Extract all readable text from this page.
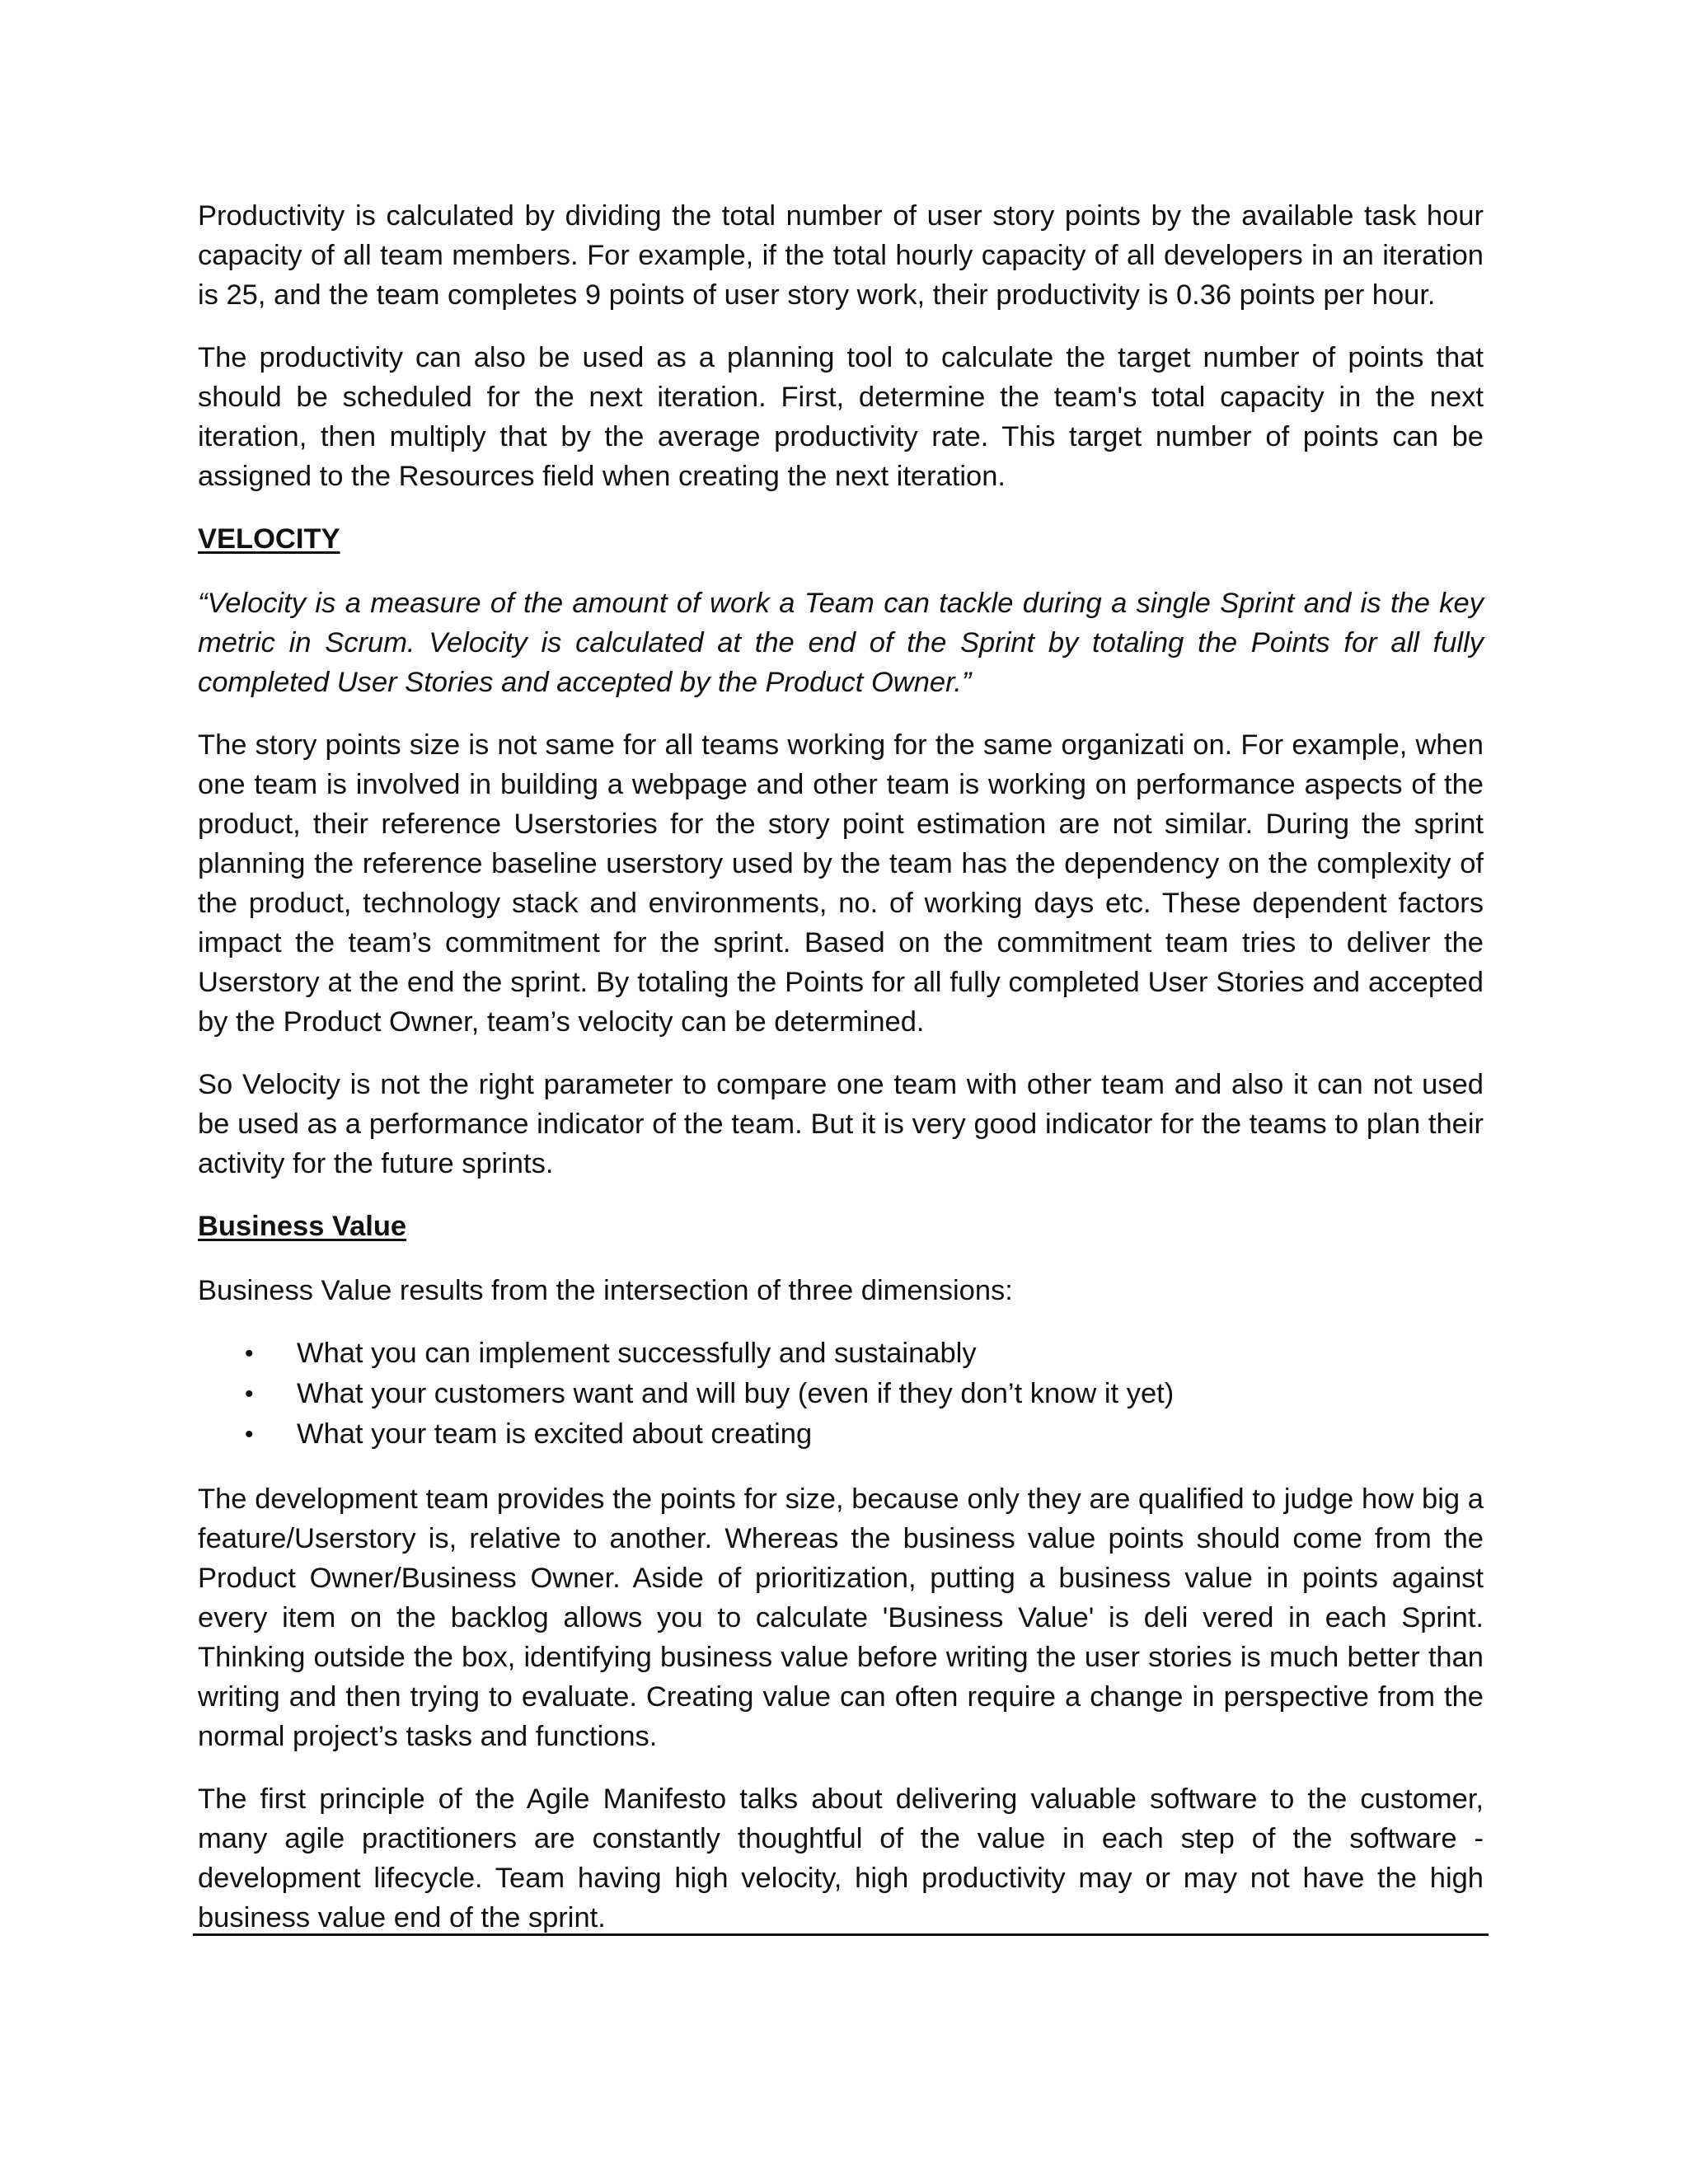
Productivity is calculated by dividing the total number of user story points by the available task hour capacity of all team members. For example, if the total hourly capacity of all developers in an iteration is 25, and the team completes 9 points of user story work, their productivity is 0.36 points per hour.

The productivity can also be used as a planning tool to calculate the target number of points that should be scheduled for the next iteration. First, determine the team's total capacity in the next iteration, then multiply that by the average productivity rate. This target number of points can be assigned to the Resources field when creating the next iteration.

VELOCITY

“Velocity is a measure of the amount of work a Team can tackle during a single Sprint and is the key metric in Scrum. Velocity is calculated at the end of the Sprint by totaling the Points for all fully completed User Stories and accepted by the Product Owner.”

The story points size is not same for all teams working for the same organizati on. For example, when one team is involved in building a webpage and other team is working on performance aspects of the product, their reference Userstories for the story point estimation are not similar. During the sprint planning the reference baseline userstory used by the team has the dependency on the complexity of the product, technology stack and environments, no. of working days etc. These dependent factors impact the team’s commitment for the sprint. Based on the commitment team tries to deliver the Userstory at the end the sprint. By totaling the Points for all fully completed User Stories and accepted by the Product Owner, team’s velocity can be determined.

So Velocity is not the right parameter to compare one team with other team and also it can not used be used as a performance indicator of the team. But it is very good indicator for the teams to plan their activity for the future sprints.

Business Value

Business Value results from the intersection of three dimensions:

• What you can implement successfully and sustainably
• What your customers want and will buy (even if they don’t know it yet)
• What your team is excited about creating

The development team provides the points for size, because only they are qualified to judge how big a feature/Userstory is, relative to another. Whereas the business value points should come from the Product Owner/Business Owner. Aside of prioritization, putting a business value in points against every item on the backlog allows you to calculate 'Business Value' is deli vered in each Sprint. Thinking outside the box, identifying business value before writing the user stories is much better than writing and then trying to evaluate. Creating value can often require a change in perspective from the normal project’s tasks and functions.

The first principle of the Agile Manifesto talks about delivering valuable software to the customer, many agile practitioners are constantly thoughtful of the value in each step of the software -development lifecycle. Team having high velocity, high productivity may or may not have the high business value end of the sprint.
